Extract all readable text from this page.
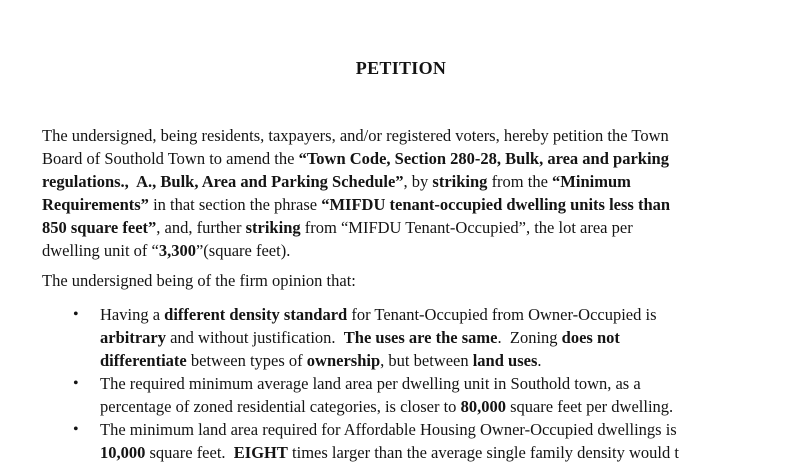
PETITION
The undersigned, being residents, taxpayers, and/or registered voters, hereby petition the Town
Board of Southold Town to amend the “Town Code, Section 280-28, Bulk, area and parking
regulations.,  A., Bulk, Area and Parking Schedule”, by striking from the “Minimum
Requirements” in that section the phrase “MIFDU tenant-occupied dwelling units less than
850 square feet”, and, further striking from “MIFDU Tenant-Occupied”, the lot area per
dwelling unit of “3,300”(square feet).
The undersigned being of the firm opinion that:
• Having a different density standard for Tenant-Occupied from Owner-Occupied is
arbitrary and without justification.  The uses are the same.  Zoning does not
differentiate between types of ownership, but between land uses.
• The required minimum average land area per dwelling unit in Southold town, as a
percentage of zoned residential categories, is closer to 80,000 square feet per dwelling.
• The minimum land area required for Affordable Housing Owner-Occupied dwellings is
10,000 square feet.  EIGHT times larger than the average single family density would t
